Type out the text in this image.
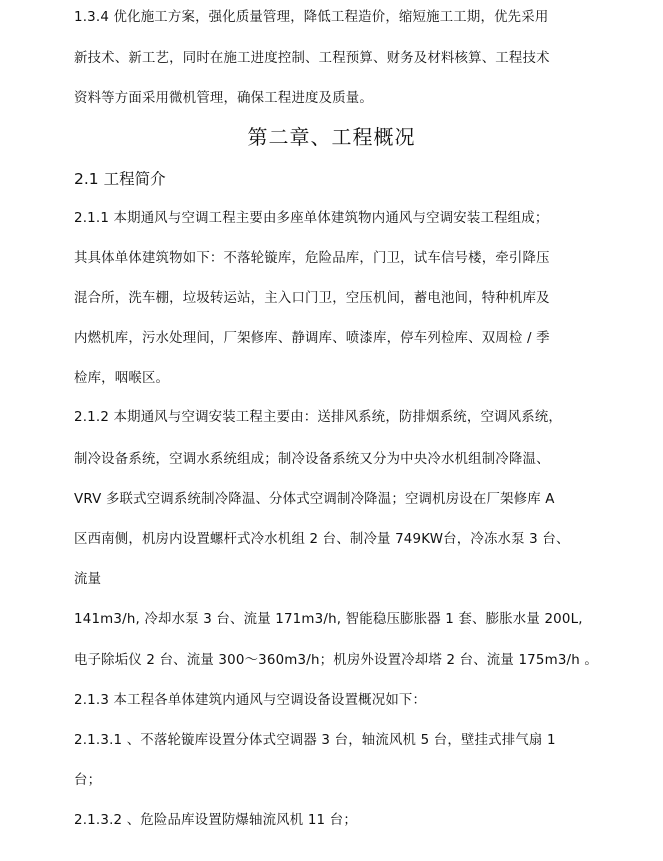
1.3.4 优化施工方案，强化质量管理，降低工程造价，缩短施工工期，优先采用
新技术、新工艺，同时在施工进度控制、工程预算、财务及材料核算、工程技术
资料等方面采用微机管理，确保工程进度及质量。
第二章、工程概况
2.1 工程简介
2.1.1 本期通风与空调工程主要由多座单体建筑物内通风与空调安装工程组成；
其具体单体建筑物如下：不落轮镟库，危险品库，门卫，试车信号楼，牵引降压
混合所，洗车棚，垃圾转运站，主入口门卫，空压机间，蓄电池间，特种机库及
内燃机库，污水处理间，厂架修库、静调库、喷漆库，停车列检库、双周检 / 季
检库，咽喉区。
2.1.2 本期通风与空调安装工程主要由：送排风系统，防排烟系统，空调风系统，
制冷设备系统，空调水系统组成；制冷设备系统又分为中央冷水机组制冷降温、
VRV 多联式空调系统制冷降温、分体式空调制冷降温；空调机房设在厂架修库 A
区西南侧，机房内设置螺杆式冷水机组 2 台、制冷量 749KW台，冷冻水泵 3 台、
流量
141m3/h, 冷却水泵 3 台、流量 171m3/h, 智能稳压膨胀器 1 套、膨胀水量 200L,
电子除垢仪 2 台、流量 300～360m3/h；机房外设置冷却塔 2 台、流量 175m3/h 。
2.1.3 本工程各单体建筑内通风与空调设备设置概况如下：
2.1.3.1 、不落轮镟库设置分体式空调器 3 台，轴流风机 5 台，壁挂式排气扇 1
台；
2.1.3.2 、危险品库设置防爆轴流风机 11 台；
